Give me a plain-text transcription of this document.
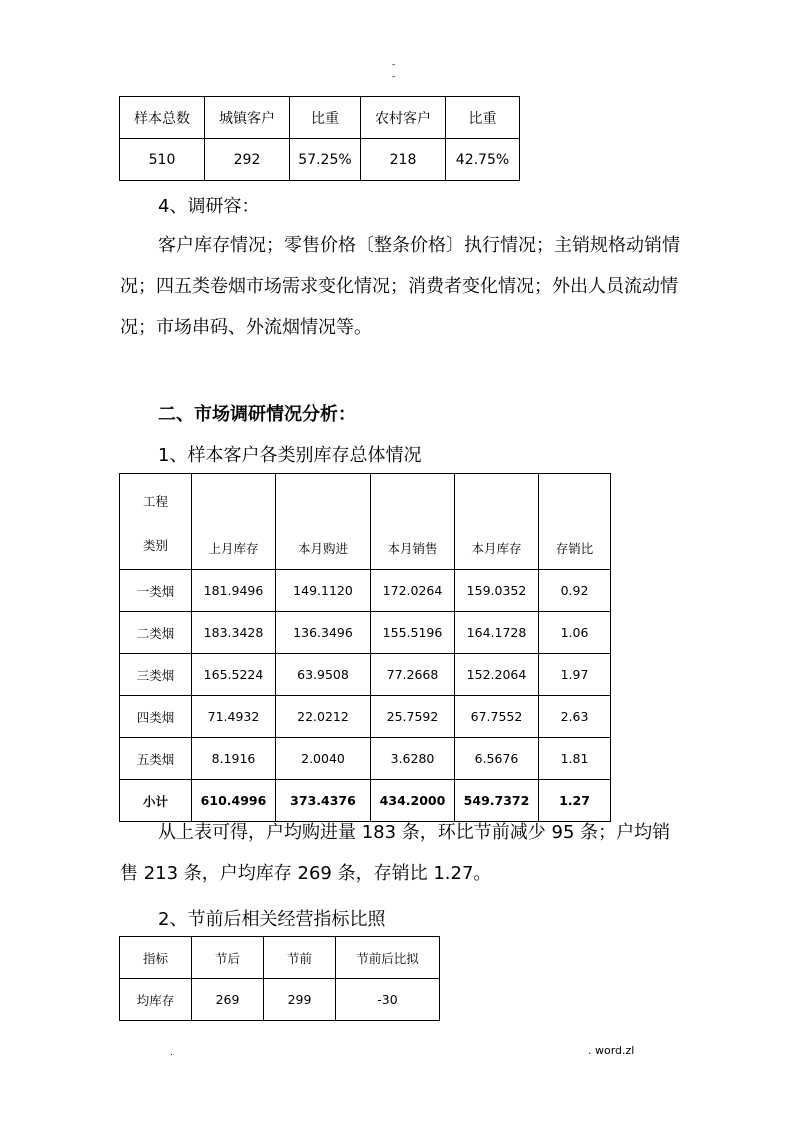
-
-
样本总数	城镇客户	比重	农村客户	比重
510	292	57.25%	218	42.75%
4、调研容：
客户库存情况；零售价格〔整条价格〕执行情况；主销规格动销情况；四五类卷烟市场需求变化情况；消费者变化情况；外出人员流动情况；市场串码、外流烟情况等。
二、市场调研情况分析：
1、样本客户各类别库存总体情况
工程
类别	上月库存	本月购进	本月销售	本月库存	存销比
一类烟	181.9496	149.1120	172.0264	159.0352	0.92
二类烟	183.3428	136.3496	155.5196	164.1728	1.06
三类烟	165.5224	63.9508	77.2668	152.2064	1.97
四类烟	71.4932	22.0212	25.7592	67.7552	2.63
五类烟	8.1916	2.0040	3.6280	6.5676	1.81
小计	610.4996	373.4376	434.2000	549.7372	1.27
从上表可得，户均购进量 183 条，环比节前减少 95 条；户均销售 213 条，户均库存 269 条，存销比 1.27。
2、节前后相关经营指标比照
指标	节后	节前	节前后比拟
均库存	269	299	-30
.	. word.zl
